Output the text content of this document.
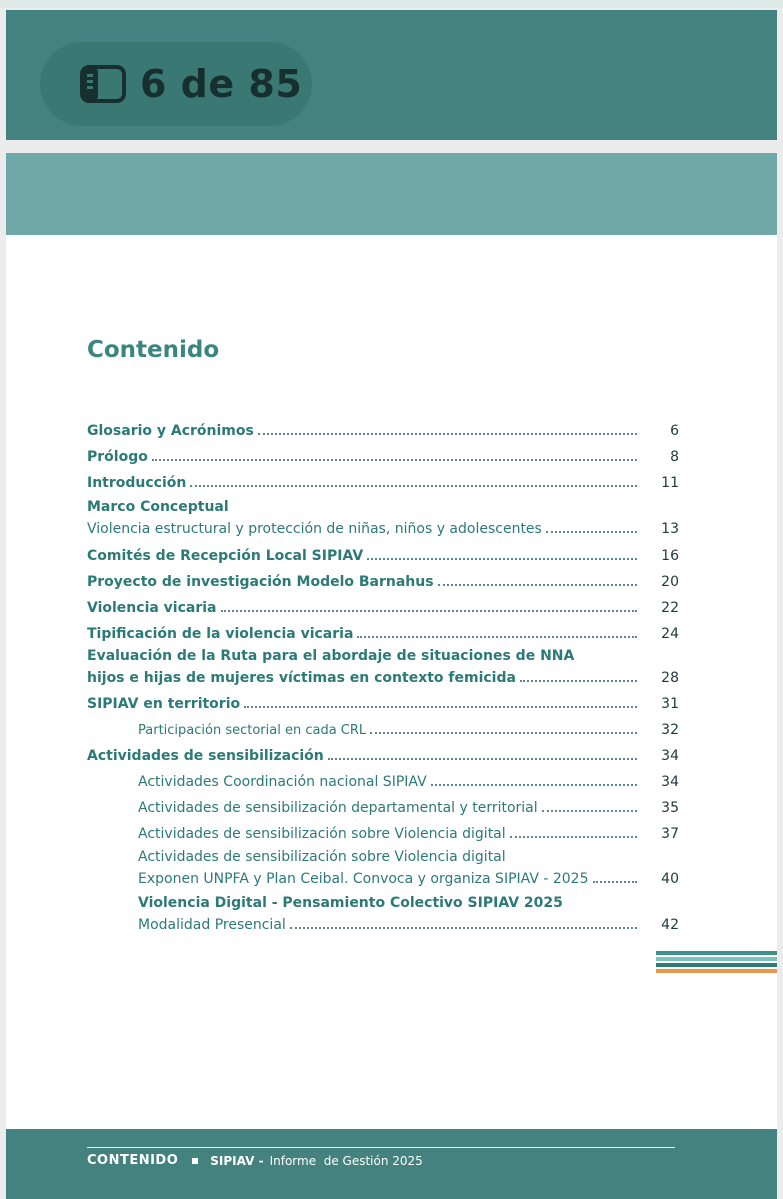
6 de 85
Contenido
Glosario y Acrónimos	6
Prólogo	8
Introducción	11
Marco Conceptual
Violencia estructural y protección de niñas, niños y adolescentes	13
Comités de Recepción Local SIPIAV	16
Proyecto de investigación Modelo Barnahus	20
Violencia vicaria	22
Tipificación de la violencia vicaria	24
Evaluación de la Ruta para el abordaje de situaciones de NNA
hijos e hijas de mujeres víctimas en contexto femicida	28
SIPIAV en territorio	31
Participación sectorial en cada CRL	32
Actividades de sensibilización	34
Actividades Coordinación nacional SIPIAV	34
Actividades de sensibilización departamental y territorial	35
Actividades de sensibilización sobre Violencia digital	37
Actividades de sensibilización sobre Violencia digital
Exponen UNPFA y Plan Ceibal. Convoca y organiza SIPIAV - 2025	40
Violencia Digital - Pensamiento Colectivo SIPIAV 2025
Modalidad Presencial	42
CONTENIDO	SIPIAV - Informe  de Gestión 2025
